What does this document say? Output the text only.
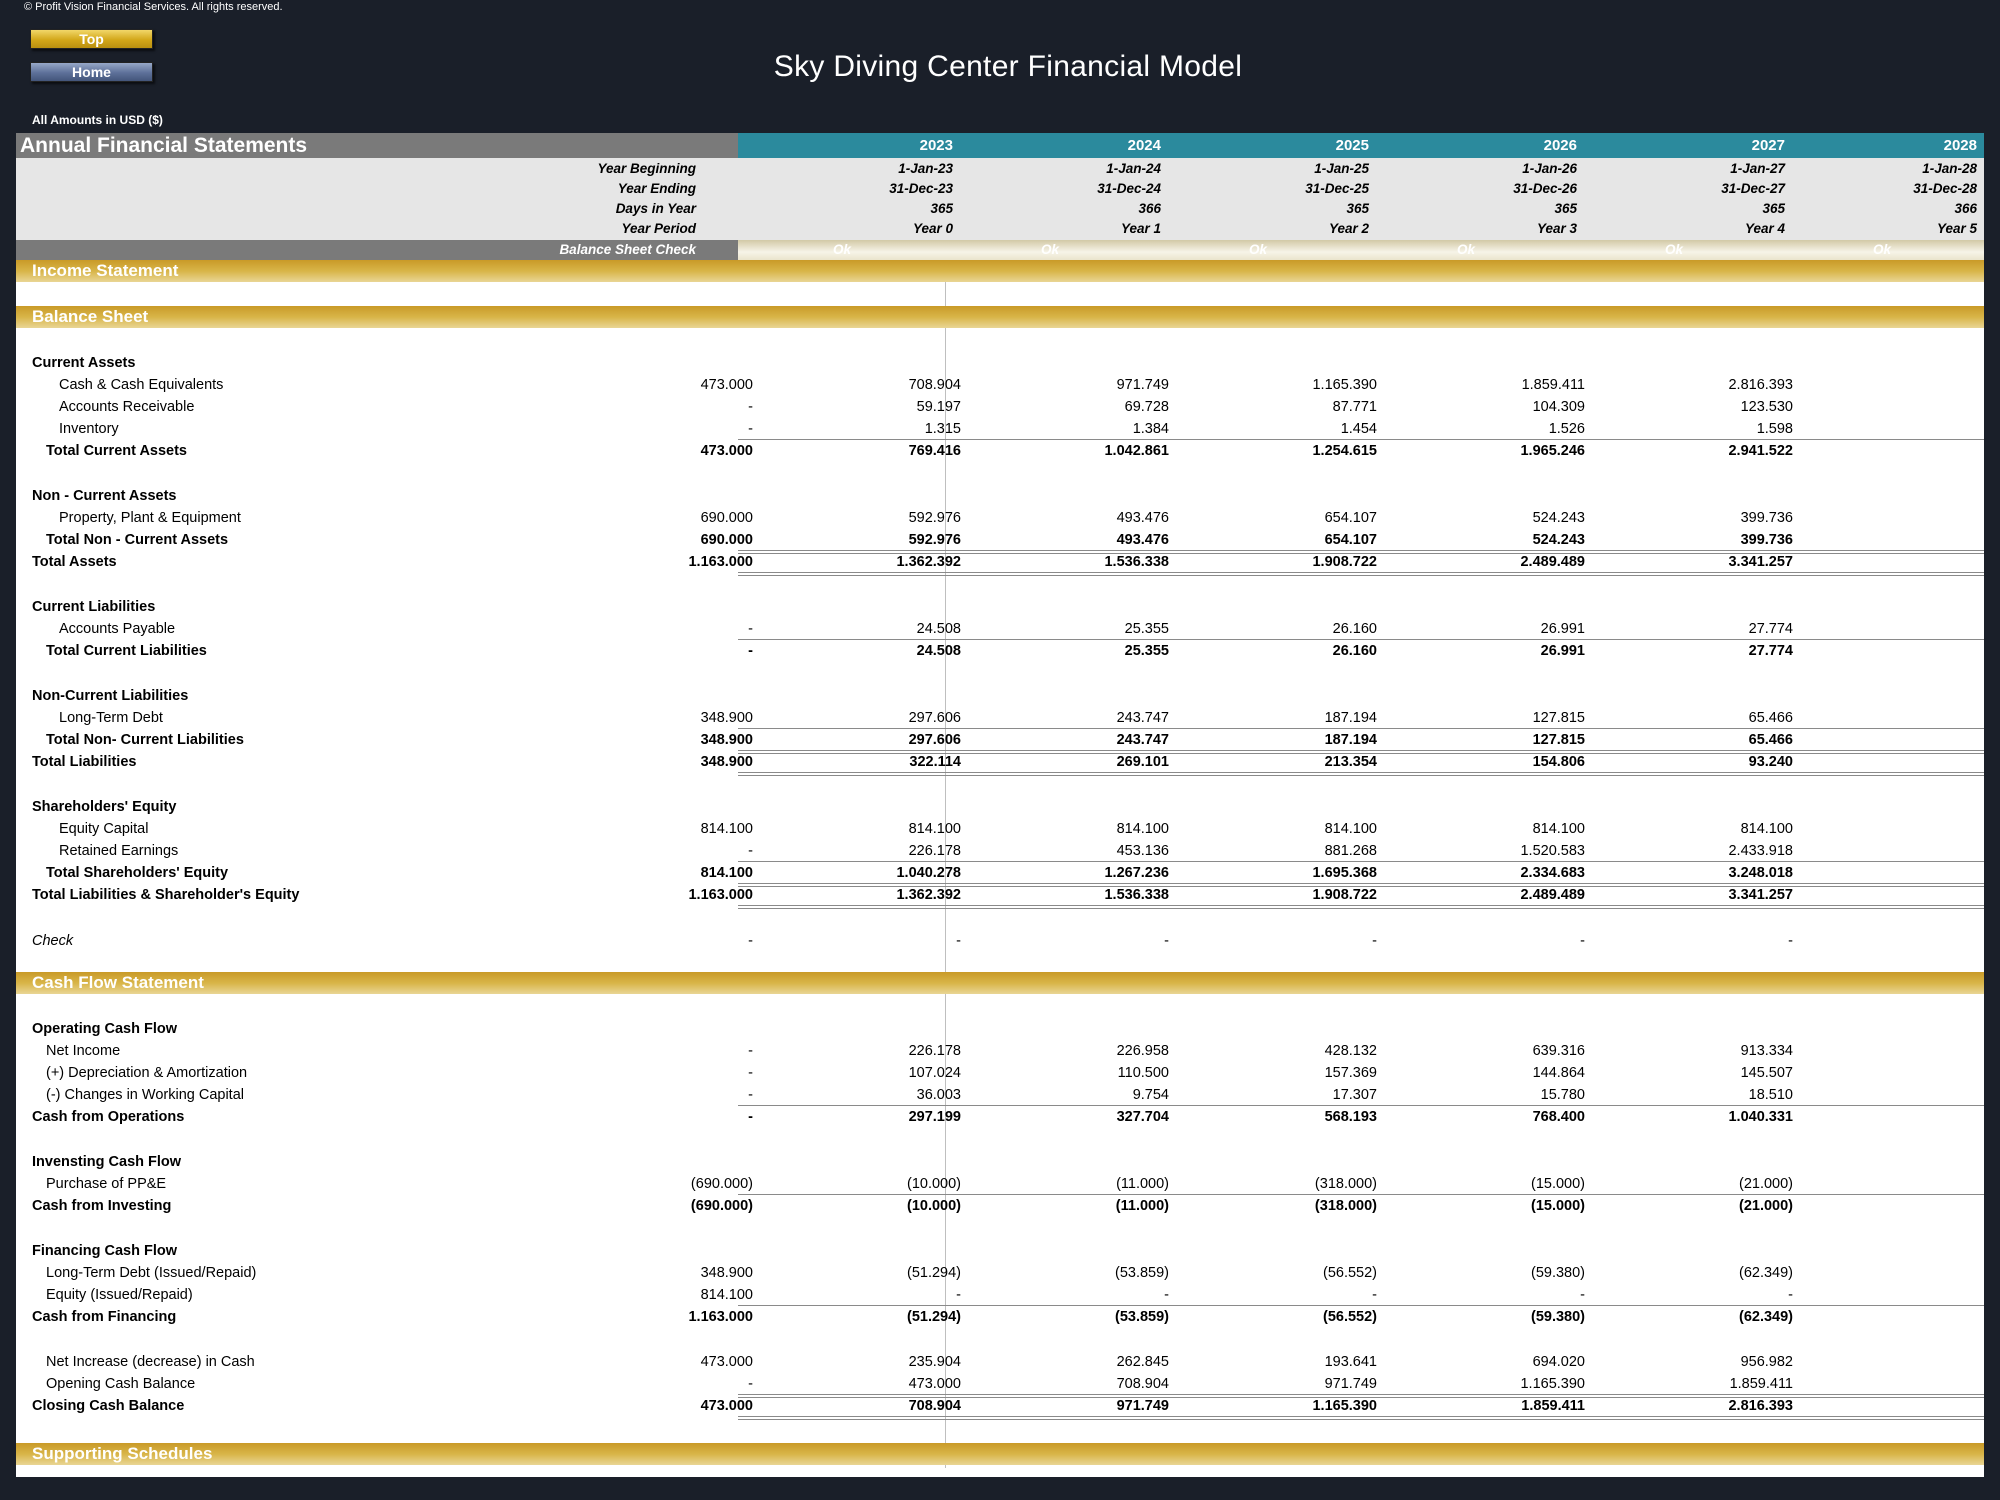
© Profit Vision Financial Services. All rights reserved.
Top
Home	Sky Diving Center Financial Model
All Amounts in USD ($)
Annual Financial Statements	2023	2024	2025	2026	2027	2028
Year Beginning	1-Jan-23	1-Jan-24	1-Jan-25	1-Jan-26	1-Jan-27	1-Jan-28
Year Ending	31-Dec-23	31-Dec-24	31-Dec-25	31-Dec-26	31-Dec-27	31-Dec-28
Days in Year	365	366	365	365	365	366
Year Period	Year 0	Year 1	Year 2	Year 3	Year 4	Year 5
Balance Sheet Check	Ok	Ok	Ok	Ok	Ok	Ok
Income Statement
Balance Sheet
Current Assets
Cash & Cash Equivalents	473.000	708.904	971.749	1.165.390	1.859.411	2.816.393
Accounts Receivable	-	59.197	69.728	87.771	104.309	123.530
Inventory	-	1.315	1.384	1.454	1.526	1.598
Total Current Assets	473.000	769.416	1.042.861	1.254.615	1.965.246	2.941.522
Non - Current Assets
Property, Plant & Equipment	690.000	592.976	493.476	654.107	524.243	399.736
Total Non - Current Assets	690.000	592.976	493.476	654.107	524.243	399.736
Total Assets	1.163.000	1.362.392	1.536.338	1.908.722	2.489.489	3.341.257
Current Liabilities
Accounts Payable	-	24.508	25.355	26.160	26.991	27.774
Total Current Liabilities	-	24.508	25.355	26.160	26.991	27.774
Non-Current Liabilities
Long-Term Debt	348.900	297.606	243.747	187.194	127.815	65.466
Total Non- Current Liabilities	348.900	297.606	243.747	187.194	127.815	65.466
Total Liabilities	348.900	322.114	269.101	213.354	154.806	93.240
Shareholders' Equity
Equity Capital	814.100	814.100	814.100	814.100	814.100	814.100
Retained Earnings	-	226.178	453.136	881.268	1.520.583	2.433.918
Total Shareholders' Equity	814.100	1.040.278	1.267.236	1.695.368	2.334.683	3.248.018
Total Liabilities & Shareholder's Equity	1.163.000	1.362.392	1.536.338	1.908.722	2.489.489	3.341.257
Check	-	-	-	-	-	-
Cash Flow Statement
Operating Cash Flow
Net Income	-	226.178	226.958	428.132	639.316	913.334
(+) Depreciation & Amortization	-	107.024	110.500	157.369	144.864	145.507
(-) Changes in Working Capital	-	36.003	9.754	17.307	15.780	18.510
Cash from Operations	-	297.199	327.704	568.193	768.400	1.040.331
Invensting Cash Flow
Purchase of PP&E	(690.000)	(10.000)	(11.000)	(318.000)	(15.000)	(21.000)
Cash from Investing	(690.000)	(10.000)	(11.000)	(318.000)	(15.000)	(21.000)
Financing Cash Flow
Long-Term Debt (Issued/Repaid)	348.900	(51.294)	(53.859)	(56.552)	(59.380)	(62.349)
Equity (Issued/Repaid)	814.100	-	-	-	-	-
Cash from Financing	1.163.000	(51.294)	(53.859)	(56.552)	(59.380)	(62.349)
Net Increase (decrease) in Cash	473.000	235.904	262.845	193.641	694.020	956.982
Opening Cash Balance	-	473.000	708.904	971.749	1.165.390	1.859.411
Closing Cash Balance	473.000	708.904	971.749	1.165.390	1.859.411	2.816.393
Supporting Schedules
